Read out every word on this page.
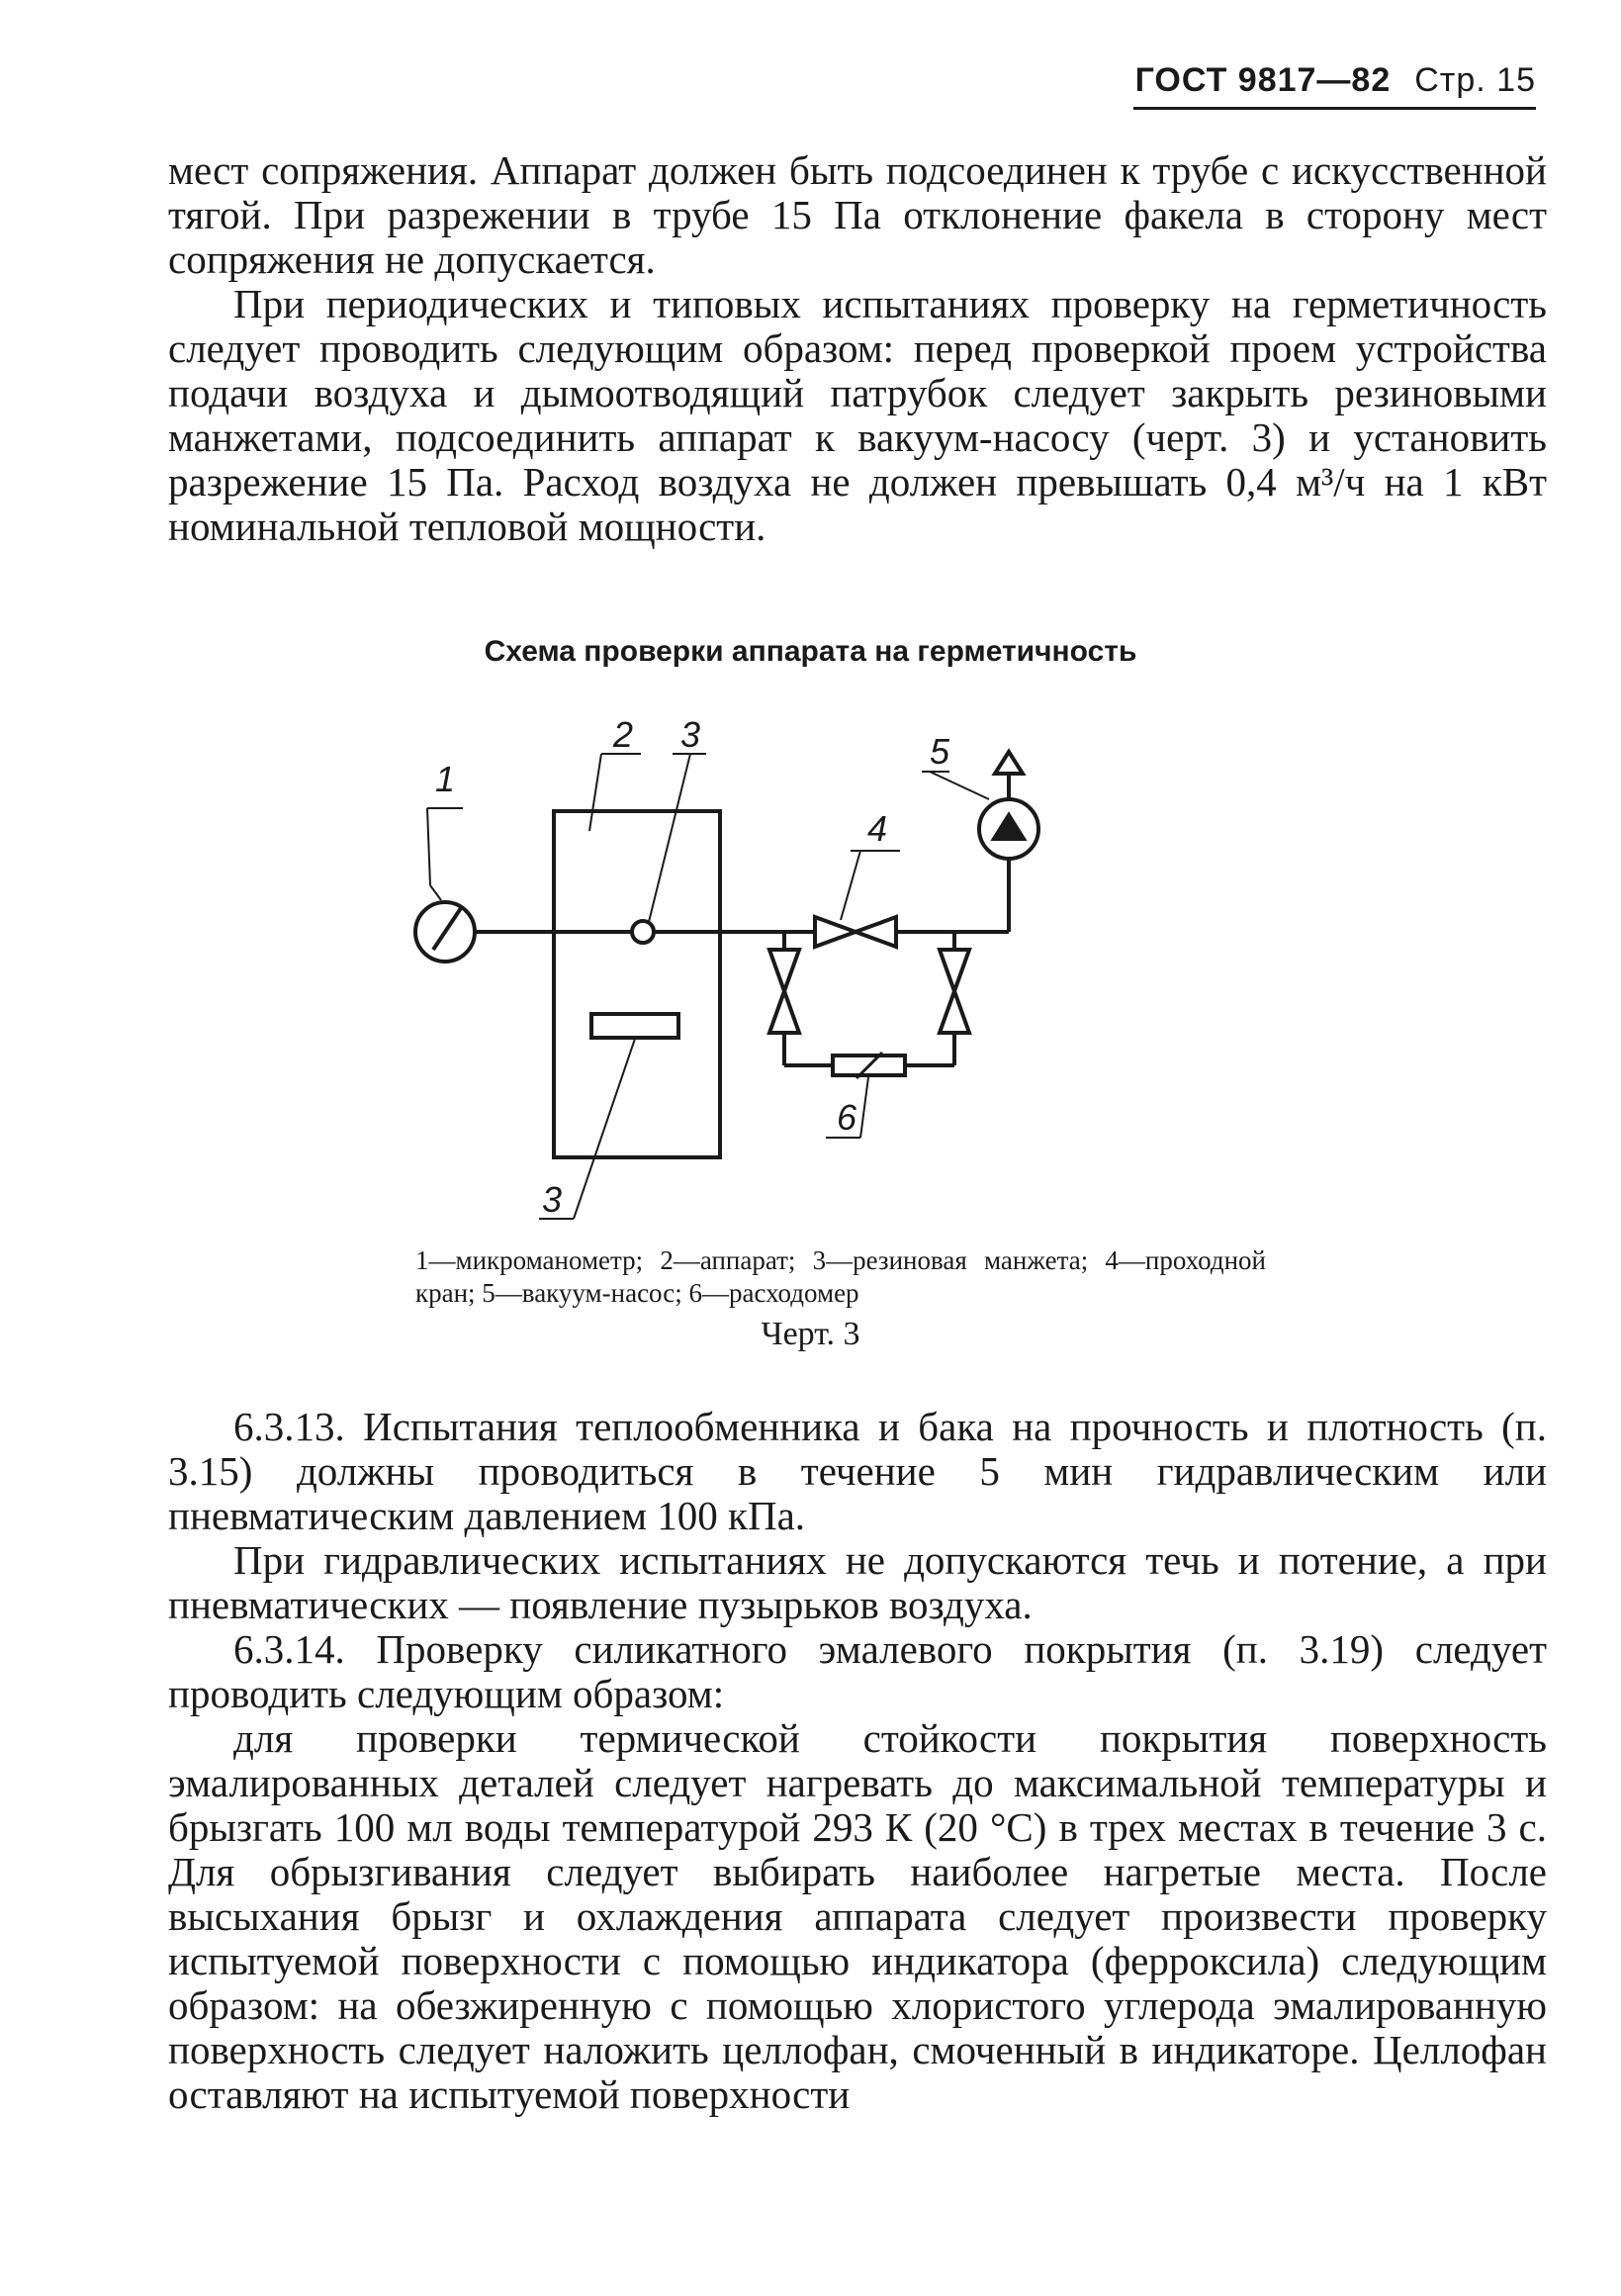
ГОСТ 9817—82 Стр. 15

мест сопряжения. Аппарат должен быть подсоединен к трубе с искусственной тягой. При разрежении в трубе 15 Па отклонение факела в сторону мест сопряжения не допускается.

При периодических и типовых испытаниях проверку на герметичность следует проводить следующим образом: перед проверкой проем устройства подачи воздуха и дымоотводящий патрубок следует закрыть резиновыми манжетами, подсоединить аппарат к вакуум-насосу (черт. 3) и установить разрежение 15 Па. Расход воздуха не должен превышать 0,4 м³/ч на 1 кВт номинальной тепловой мощности.

Схема проверки аппарата на герметичность
1
2 3
4
5
6
3
1—микроманометр; 2—аппарат; 3—резиновая манжета; 4—проходной кран; 5—вакуум-насос; 6—расходомер
Черт. 3

6.3.13. Испытания теплообменника и бака на прочность и плотность (п. 3.15) должны проводиться в течение 5 мин гидравлическим или пневматическим давлением 100 кПа.

При гидравлических испытаниях не допускаются течь и потение, а при пневматических — появление пузырьков воздуха.

6.3.14. Проверку силикатного эмалевого покрытия (п. 3.19) следует проводить следующим образом:

для проверки термической стойкости покрытия поверхность эмалированных деталей следует нагревать до максимальной температуры и брызгать 100 мл воды температурой 293 К (20 °С) в трех местах в течение 3 с. Для обрызгивания следует выбирать наиболее нагретые места. После высыхания брызг и охлаждения аппарата следует произвести проверку испытуемой поверхности с помощью индикатора (ферроксила) следующим образом: на обезжиренную с помощью хлористого углерода эмалированную поверхность следует наложить целлофан, смоченный в индикаторе. Целлофан оставляют на испытуемой поверхности
